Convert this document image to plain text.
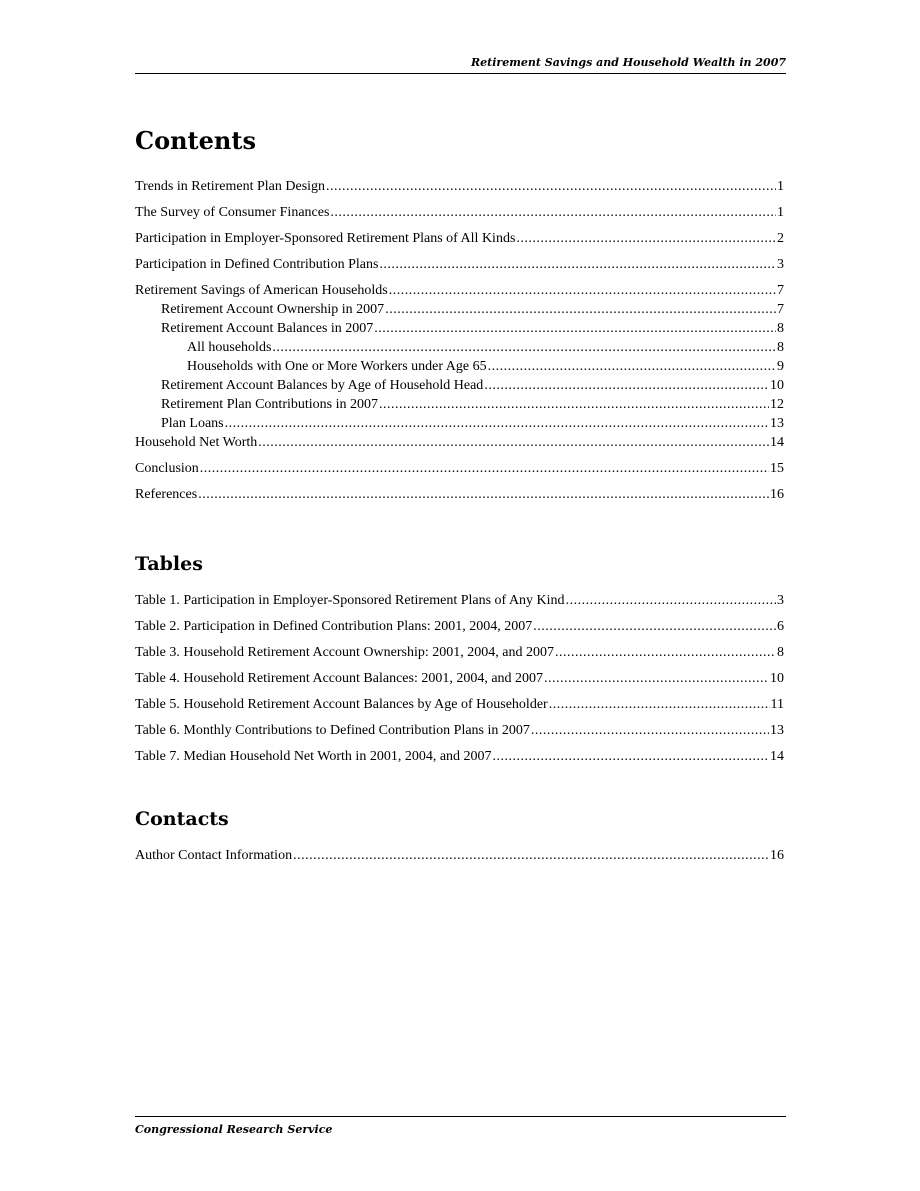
Retirement Savings and Household Wealth in 2007
Contents
Trends in Retirement Plan Design .....	1
The Survey of Consumer Finances .....	1
Participation in Employer-Sponsored Retirement Plans of All Kinds .....	2
Participation in Defined Contribution Plans .....	3
Retirement Savings of American Households .....	7
Retirement Account Ownership in 2007 .....	7
Retirement Account Balances in 2007 .....	8
All households .....	8
Households with One or More Workers under Age 65 .....	9
Retirement Account Balances by Age of Household Head .....	10
Retirement Plan Contributions in 2007 .....	12
Plan Loans .....	13
Household Net Worth .....	14
Conclusion .....	15
References .....	16
Tables
Table 1. Participation in Employer-Sponsored Retirement Plans of Any Kind .....	3
Table 2. Participation in Defined Contribution Plans: 2001, 2004, 2007 .....	6
Table 3. Household Retirement Account Ownership: 2001, 2004, and 2007 .....	8
Table 4. Household Retirement Account Balances: 2001, 2004, and 2007 .....	10
Table 5. Household Retirement Account Balances by Age of Householder .....	11
Table 6. Monthly Contributions to Defined Contribution Plans in 2007 .....	13
Table 7. Median Household Net Worth in 2001, 2004, and 2007 .....	14
Contacts
Author Contact Information .....	16
Congressional Research Service
